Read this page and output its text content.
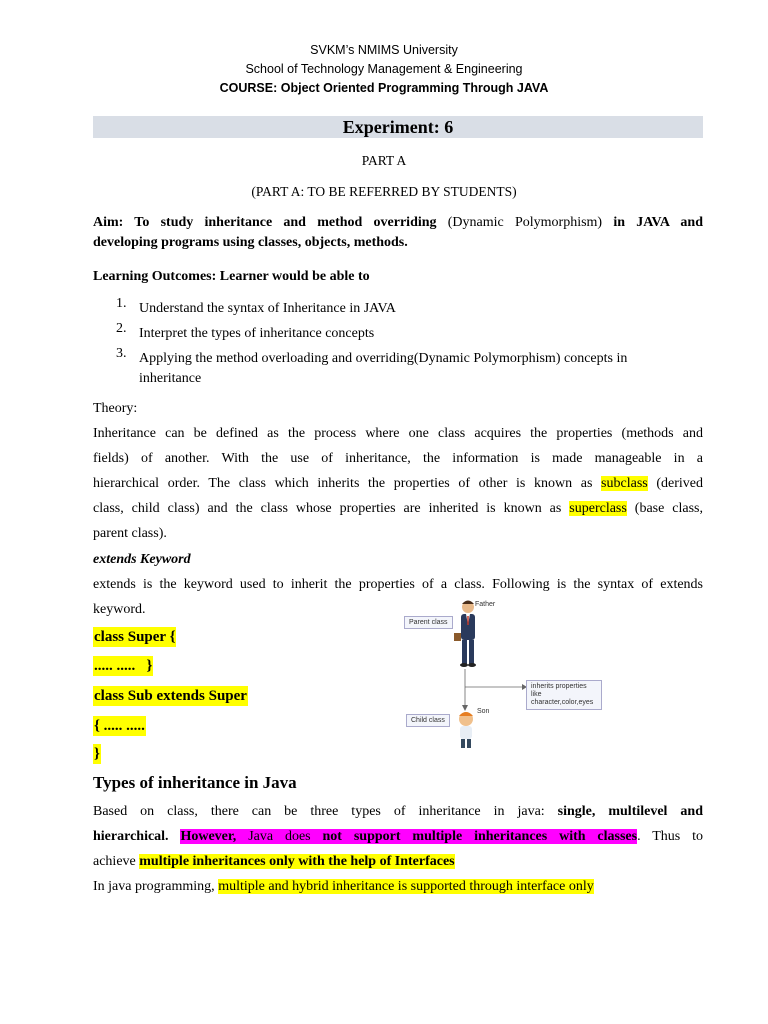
SVKM’s NMIMS University
School of Technology Management & Engineering
COURSE: Object Oriented Programming Through JAVA
Experiment: 6
PART A
(PART A: TO BE REFERRED BY STUDENTS)
Aim: To study inheritance and method overriding (Dynamic Polymorphism) in JAVA and
developing programs using classes, objects, methods.
Learning Outcomes: Learner would be able to
1. Understand the syntax of Inheritance in JAVA
2. Interpret the types of inheritance concepts
3. Applying the method overloading and overriding(Dynamic Polymorphism) concepts in
inheritance
Theory:
Inheritance can be defined as the process where one class acquires the properties (methods and
fields) of another. With the use of inheritance, the information is made manageable in a
hierarchical order. The class which inherits the properties of other is known as subclass (derived
class, child class) and the class whose properties are inherited is known as superclass (base class,
parent class).
extends Keyword
extends is the keyword used to inherit the properties of a class. Following is the syntax of extends
keyword.
class Super {
..... .....   }
class Sub extends Super
{ ..... .....
}
Father
Parent class
inherits properties like
character,color,eyes
Son
Child class
Types of inheritance in Java
Based on class, there can be three types of inheritance in java: single, multilevel and
hierarchical. However, Java does not support multiple inheritances with classes. Thus to
achieve multiple inheritances only with the help of Interfaces
In java programming, multiple and hybrid inheritance is supported through interface only
